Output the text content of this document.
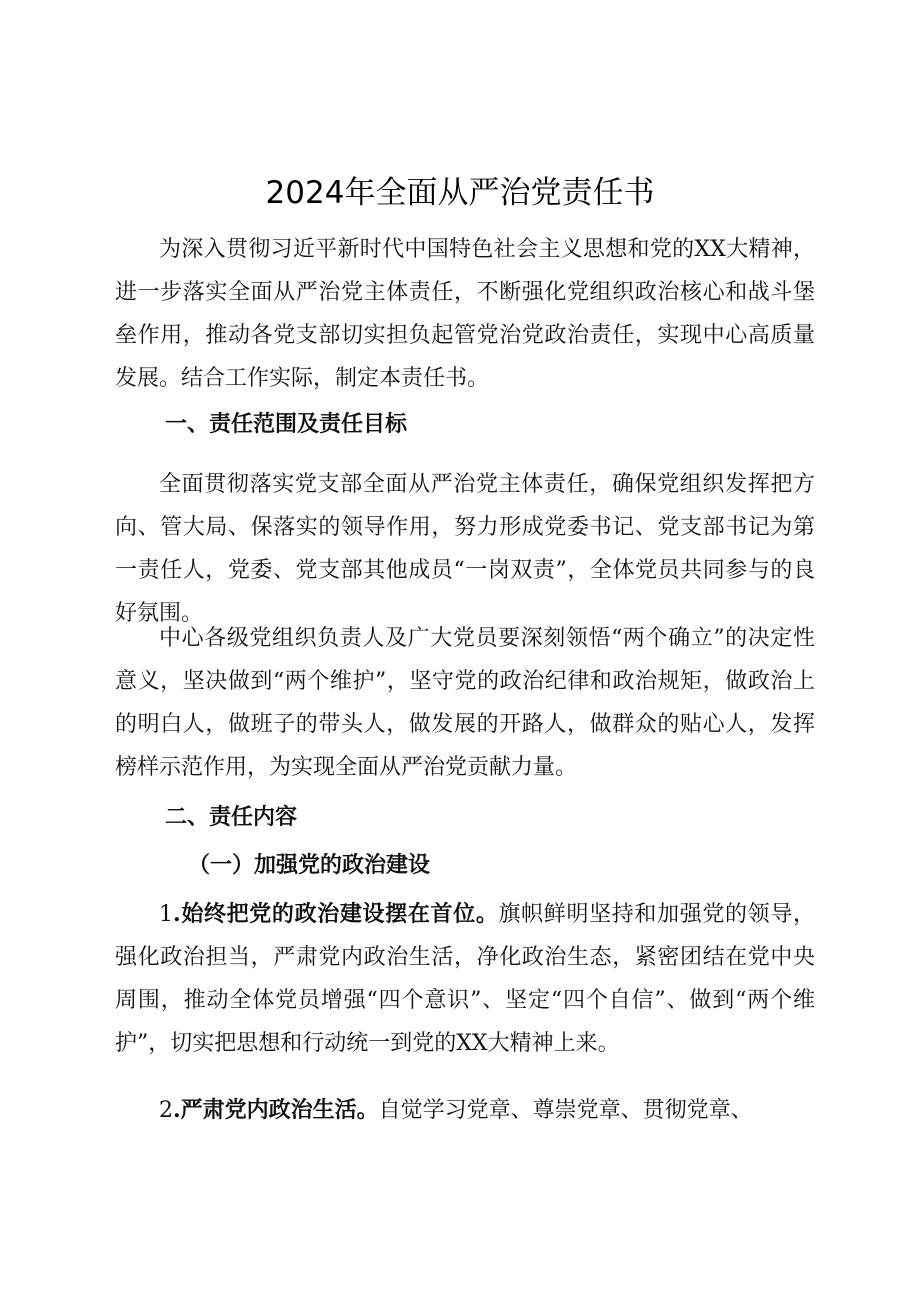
2024年全面从严治党责任书

为深入贯彻习近平新时代中国特色社会主义思想和党的XX大精神，进一步落实全面从严治党主体责任，不断强化党组织政治核心和战斗堡垒作用，推动各党支部切实担负起管党治党政治责任，实现中心高质量发展。结合工作实际，制定本责任书。

一、责任范围及责任目标

全面贯彻落实党支部全面从严治党主体责任，确保党组织发挥把方向、管大局、保落实的领导作用，努力形成党委书记、党支部书记为第一责任人，党委、党支部其他成员“一岗双责”，全体党员共同参与的良好氛围。

中心各级党组织负责人及广大党员要深刻领悟“两个确立”的决定性意义，坚决做到“两个维护”，坚守党的政治纪律和政治规矩，做政治上的明白人，做班子的带头人，做发展的开路人，做群众的贴心人，发挥榜样示范作用，为实现全面从严治党贡献力量。

二、责任内容
（一）加强党的政治建设

1.始终把党的政治建设摆在首位。旗帜鲜明坚持和加强党的领导，强化政治担当，严肃党内政治生活，净化政治生态，紧密团结在党中央周围，推动全体党员增强“四个意识”、坚定“四个自信”、做到“两个维护”，切实把思想和行动统一到党的XX大精神上来。

2.严肃党内政治生活。自觉学习党章、尊崇党章、贯彻党章、
